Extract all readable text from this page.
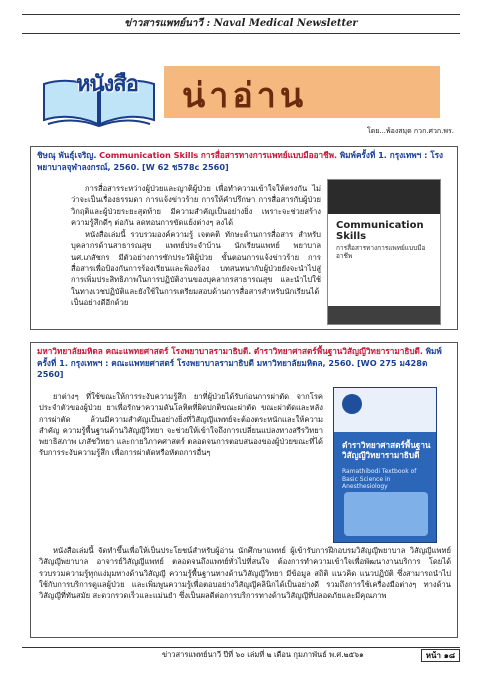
ข่าวสารแพทย์นาวี : Naval Medical Newsletter
หนังสือ น่าอ่าน
โดย...พ้องสมุด กวก.ศวก.พร.
ชิษณุ พันธุ์เจริญ. Communication Skills การสื่อสารทางการแพทย์แบบมืออาชีพ. พิมพ์ครั้งที่ 1. กรุงเทพฯ : โรงพยาบาลจุฬาลงกรณ์, 2560. [W 62 ช578c 2560]

การสื่อสารระหว่างผู้ป่วยและญาติผู้ป่วย เพื่อทำความเข้าใจให้ตรงกัน ไม่ว่าจะเป็นเรื่องธรรมดา การแจ้งข่าวร้าย การให้คำปรึกษา การสื่อสารกับผู้ป่วยวิกฤติและผู้ป่วยระยะสุดท้าย มีความสำคัญเป็นอย่างยิ่ง เพราะจะช่วยสร้างความรู้สึกดีๆ ต่อกัน ลดทอนการขัดแย้งต่างๆ ลงได้

หนังสือเล่มนี้ รวบรวมองค์ความรู้ เจตคติ ทักษะด้านการสื่อสาร สำหรับบุคลากรด้านสาธารณสุข แพทย์ประจำบ้าน นักเรียนแพทย์ พยาบาล นศ.เภสัชกร มีตัวอย่างการซักประวัติผู้ป่วย ขั้นตอนการแจ้งข่าวร้าย การสื่อสารเพื่อป้องกันการร้องเรียนและฟ้องร้อง บทสนทนากับผู้ป่วยยังจะนำไปสู่การเพิ่มประสิทธิภาพในการปฏิบัติงานของบุคลากรสาธารณสุข และนำไปใช้ในทางเวชปฏิบัติและยังใช้ในการเตรียมสอบด้านการสื่อสารสำหรับนักเรียนได้เป็นอย่างดีอีกด้วย

Communication Skills
การสื่อสารทางการแพทย์แบบมืออาชีพ
มหาวิทยาลัยมหิดล คณะแพทยศาสตร์ โรงพยาบาลรามาธิบดี. ตำราวิทยาศาสตร์พื้นฐานวิสัญญีวิทยารามาธิบดี. พิมพ์ครั้งที่ 1. กรุงเทพฯ : คณะแพทยศาสตร์ โรงพยาบาลรามาธิบดี มหาวิทยาลัยมหิดล, 2560. [WO 275 ม428ต 2560]

ยาต่างๆ ที่ใช้ขณะให้การระงับความรู้สึก ยาที่ผู้ป่วยได้รับก่อนการผ่าตัด จากโรคประจำตัวของผู้ป่วย ยาเพื่อรักษาความดันโลหิตที่ผิดปกติขณะผ่าตัด ขณะผ่าตัดและหลังการผ่าตัด ล้วนมีความสำคัญเป็นอย่างยิ่งที่วิสัญญีแพทย์จะต้องตระหนักและให้ความสำคัญ ความรู้พื้นฐานด้านวิสัญญีวิทยา จะช่วยให้เข้าใจถึงการเปลี่ยนแปลงทางสรีรวิทยา พยาธิสภาพ เภสัชวิทยา และกายวิภาคศาสตร์ ตลอดจนการตอบสนองของผู้ป่วยขณะที่ได้รับการระงับความรู้สึก เพื่อการผ่าตัดหรือหัตถการอื่นๆ

หนังสือเล่มนี้ จัดทำขึ้นเพื่อให้เป็นประโยชน์สำหรับผู้อ่าน นักศึกษาแพทย์ ผู้เข้ารับการฝึกอบรมวิสัญญีพยาบาล วิสัญญีแพทย์ วิสัญญีพยาบาล อาจารย์วิสัญญีแพทย์ ตลอดจนถึงแพทย์ทั่วไปที่สนใจ ต้องการทำความเข้าใจเพื่อพัฒนางานบริการ โดยได้รวบรวมความรู้ทุกแง่มุมทางด้านวิสัญญี ความรู้พื้นฐานทางด้านวิสัญญีวิทยา มีข้อมูล สถิติ แนวคิด แนวปฏิบัติ ซึ่งสามารถนำไปใช้กับการบริการดูแลผู้ป่วย และเพิ่มพูนความรู้เพื่อตอบอย่างวิสัญญีคลินิกได้เป็นอย่างดี รวมถึงการใช้เครื่องมือต่างๆ ทางด้านวิสัญญีที่ทันสมัย สะดวกรวดเร็วและแม่นยำ ซึ่งเป็นผลดีต่อการบริการทางด้านวิสัญญีที่ปลอดภัยและมีคุณภาพ

ตำราวิทยาศาสตร์พื้นฐานวิสัญญีวิทยารามาธิบดี
Ramathibodi Textbook of Basic Science in Anesthesiology
ข่าวสารแพทย์นาวี ปีที่ ๖๐ เล่มที่ ๒ เดือน กุมภาพันธ์ พ.ศ.๒๕๖๑	หน้า ๑๘
